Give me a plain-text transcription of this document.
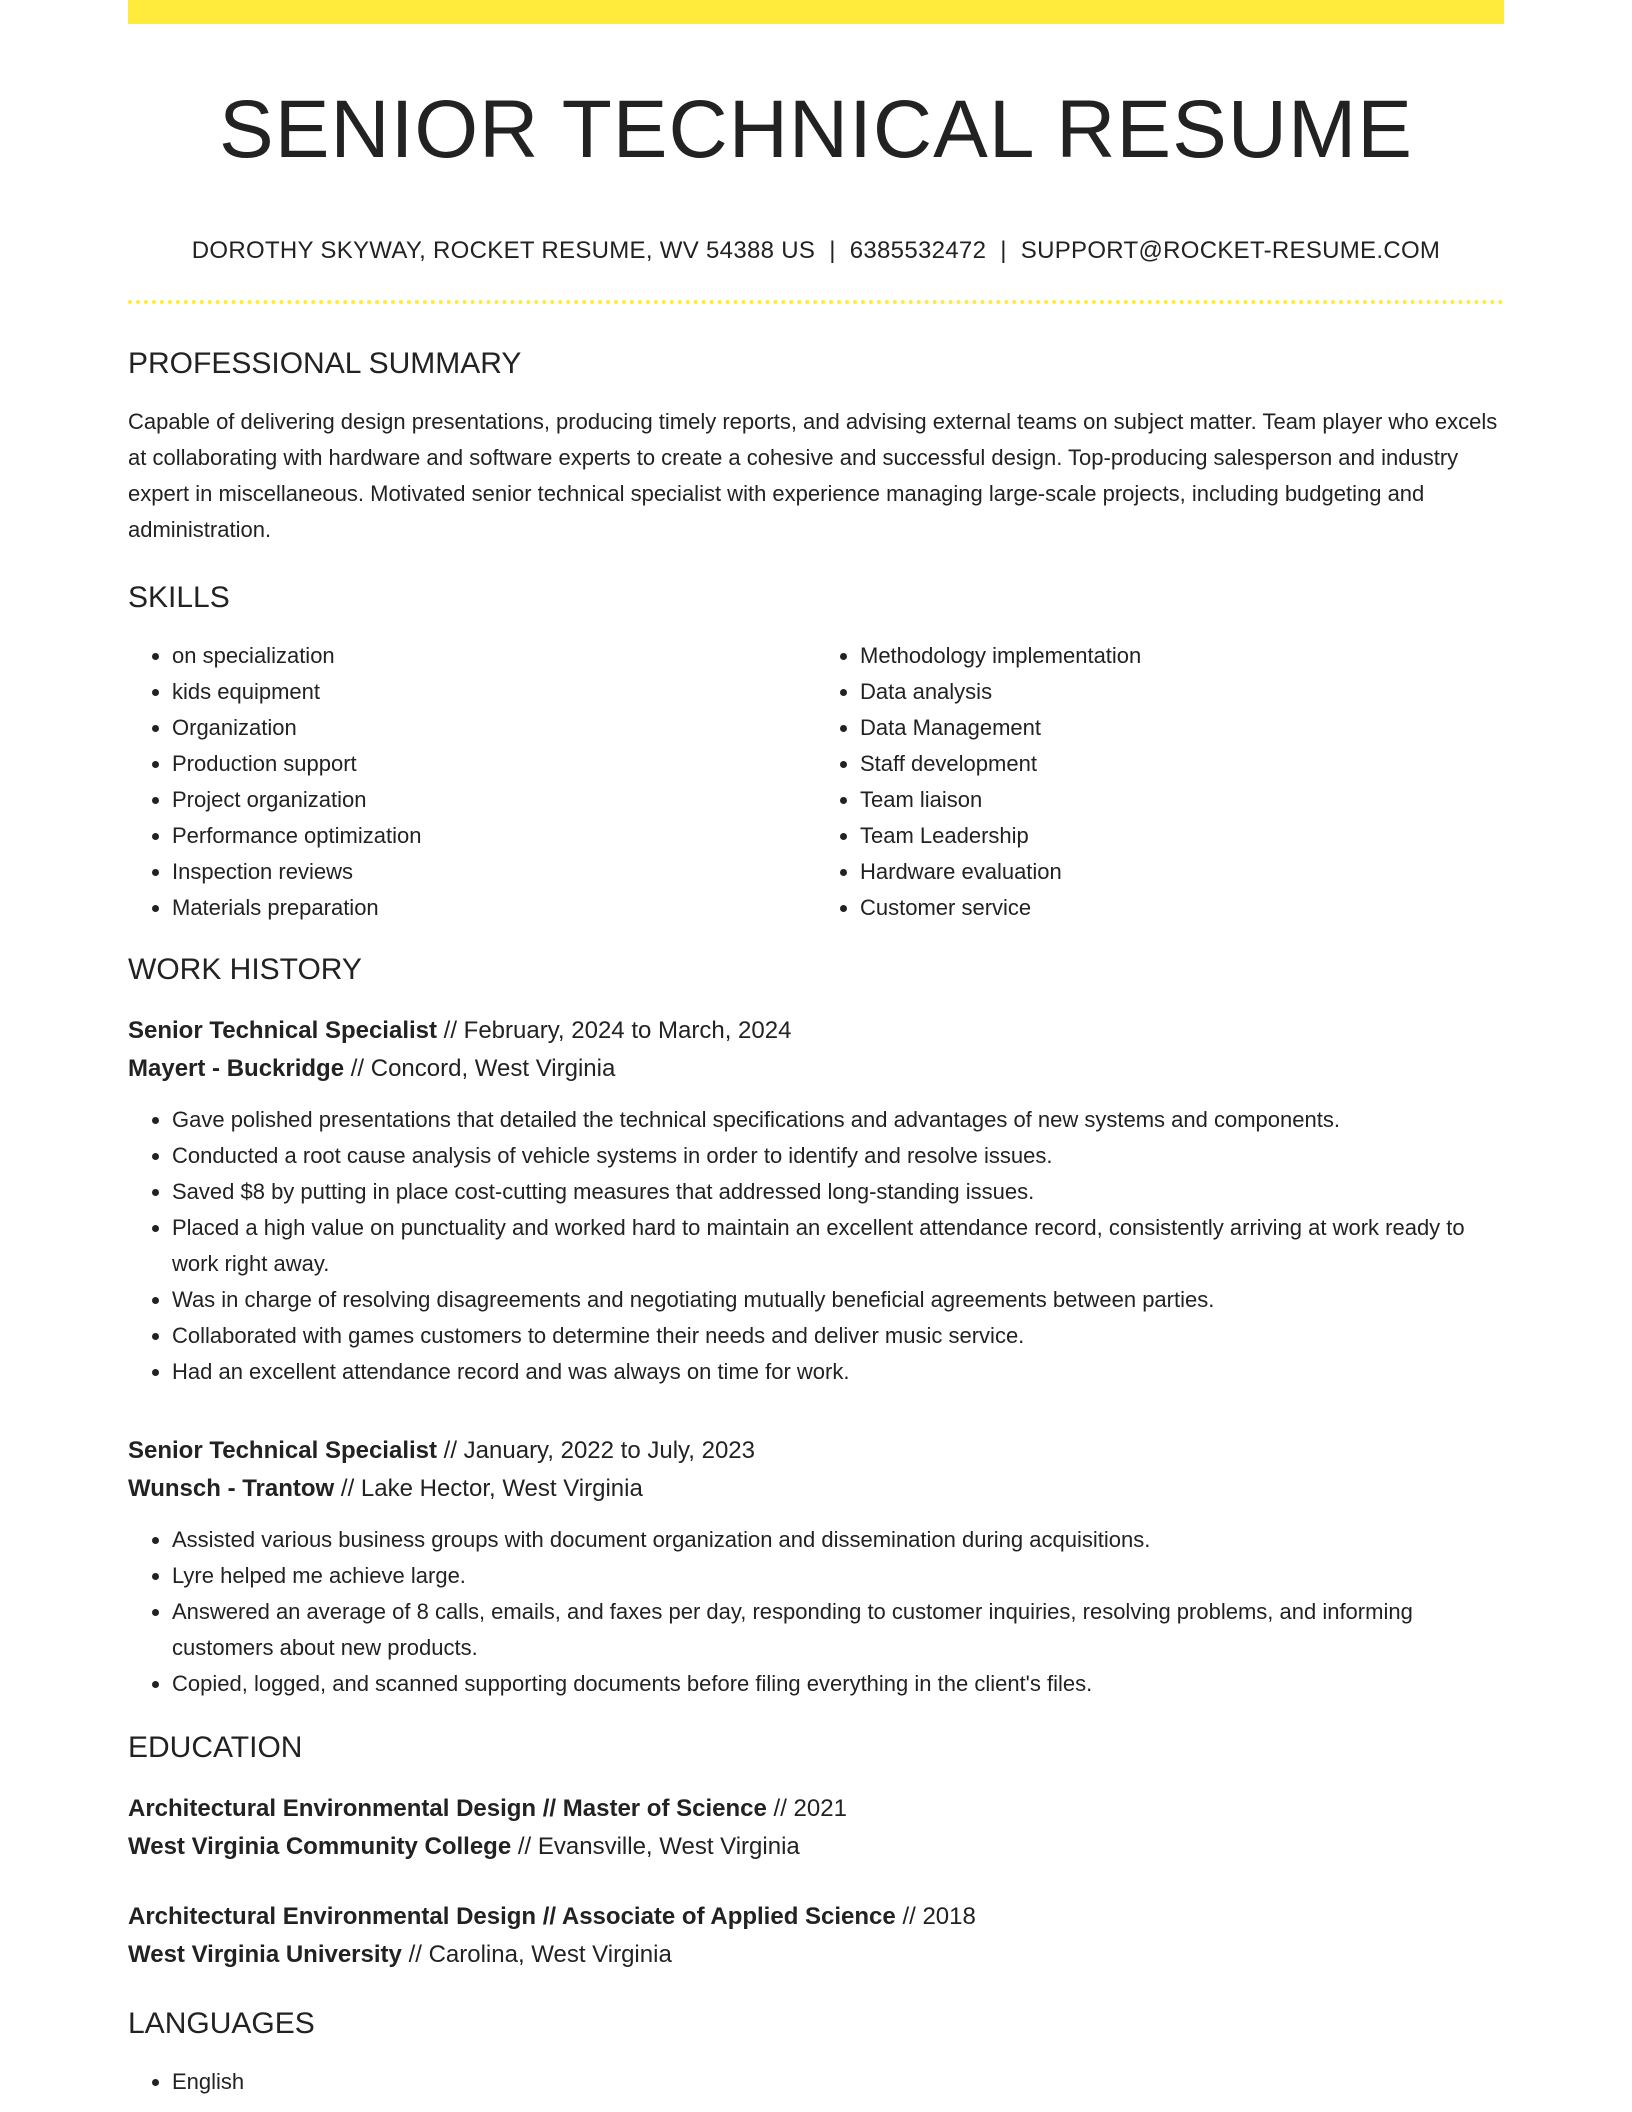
SENIOR TECHNICAL RESUME
DOROTHY SKYWAY, ROCKET RESUME, WV 54388 US | 6385532472 | SUPPORT@ROCKET-RESUME.COM
PROFESSIONAL SUMMARY
Capable of delivering design presentations, producing timely reports, and advising external teams on subject matter. Team player who excels at collaborating with hardware and software experts to create a cohesive and successful design. Top-producing salesperson and industry expert in miscellaneous. Motivated senior technical specialist with experience managing large-scale projects, including budgeting and administration.
SKILLS
• on specialization
• kids equipment
• Organization
• Production support
• Project organization
• Performance optimization
• Inspection reviews
• Materials preparation
• Methodology implementation
• Data analysis
• Data Management
• Staff development
• Team liaison
• Team Leadership
• Hardware evaluation
• Customer service
WORK HISTORY
Senior Technical Specialist // February, 2024 to March, 2024
Mayert - Buckridge // Concord, West Virginia
• Gave polished presentations that detailed the technical specifications and advantages of new systems and components.
• Conducted a root cause analysis of vehicle systems in order to identify and resolve issues.
• Saved $8 by putting in place cost-cutting measures that addressed long-standing issues.
• Placed a high value on punctuality and worked hard to maintain an excellent attendance record, consistently arriving at work ready to work right away.
• Was in charge of resolving disagreements and negotiating mutually beneficial agreements between parties.
• Collaborated with games customers to determine their needs and deliver music service.
• Had an excellent attendance record and was always on time for work.
Senior Technical Specialist // January, 2022 to July, 2023
Wunsch - Trantow // Lake Hector, West Virginia
• Assisted various business groups with document organization and dissemination during acquisitions.
• Lyre helped me achieve large.
• Answered an average of 8 calls, emails, and faxes per day, responding to customer inquiries, resolving problems, and informing customers about new products.
• Copied, logged, and scanned supporting documents before filing everything in the client's files.
EDUCATION
Architectural Environmental Design // Master of Science // 2021
West Virginia Community College // Evansville, West Virginia
Architectural Environmental Design // Associate of Applied Science // 2018
West Virginia University // Carolina, West Virginia
LANGUAGES
• English
